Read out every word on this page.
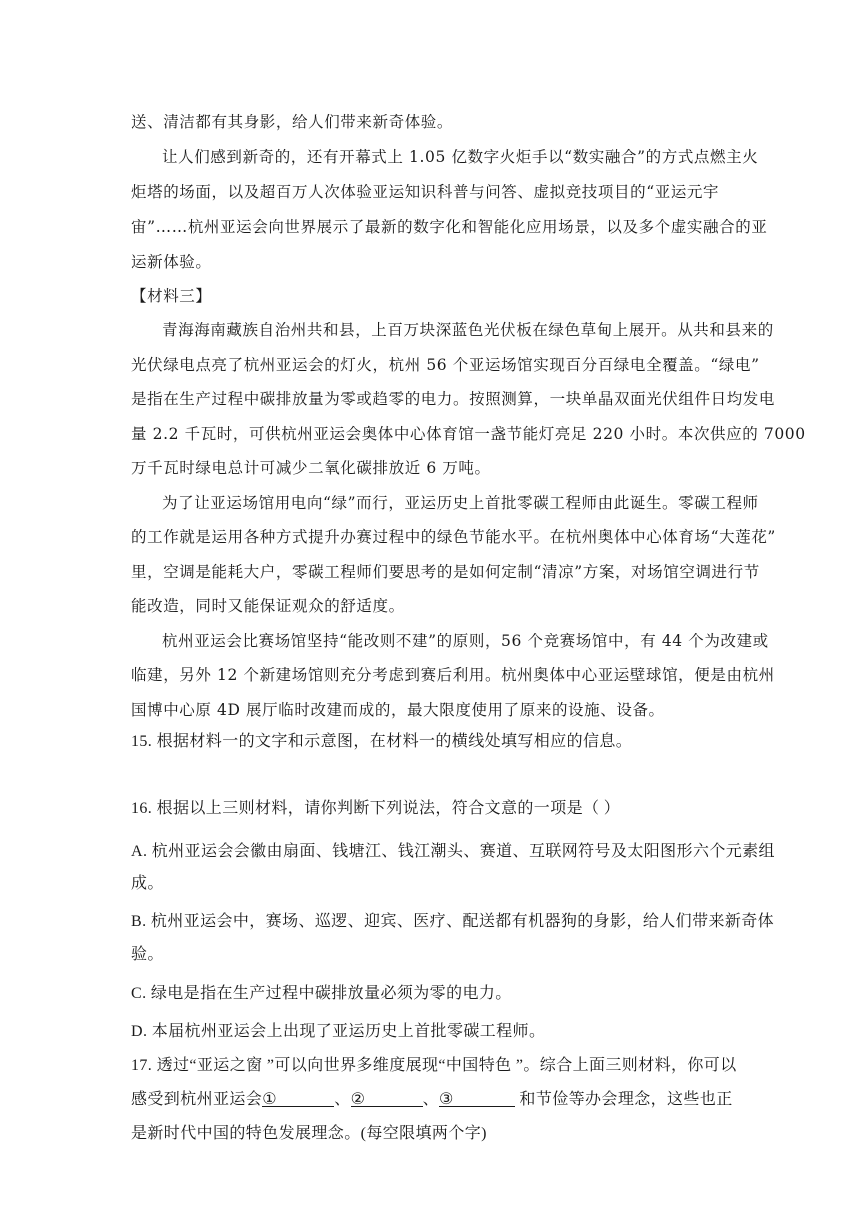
送、清洁都有其身影，给人们带来新奇体验。
让人们感到新奇的，还有开幕式上 1.05 亿数字火炬手以“数实融合”的方式点燃主火
炬塔的场面，以及超百万人次体验亚运知识科普与问答、虚拟竞技项目的“亚运元宇
宙”……杭州亚运会向世界展示了最新的数字化和智能化应用场景，以及多个虚实融合的亚
运新体验。
【材料三】
青海海南藏族自治州共和县，上百万块深蓝色光伏板在绿色草甸上展开。从共和县来的
光伏绿电点亮了杭州亚运会的灯火，杭州 56 个亚运场馆实现百分百绿电全覆盖。“绿电”
是指在生产过程中碳排放量为零或趋零的电力。按照测算，一块单晶双面光伏组件日均发电
量 2.2 千瓦时，可供杭州亚运会奥体中心体育馆一盏节能灯亮足 220 小时。本次供应的 7000
万千瓦时绿电总计可减少二氧化碳排放近 6 万吨。
为了让亚运场馆用电向“绿”而行，亚运历史上首批零碳工程师由此诞生。零碳工程师
的工作就是运用各种方式提升办赛过程中的绿色节能水平。在杭州奥体中心体育场“大莲花”
里，空调是能耗大户，零碳工程师们要思考的是如何定制“清凉”方案，对场馆空调进行节
能改造，同时又能保证观众的舒适度。
杭州亚运会比赛场馆坚持“能改则不建”的原则，56 个竞赛场馆中，有 44 个为改建或
临建，另外 12 个新建场馆则充分考虑到赛后利用。杭州奥体中心亚运壁球馆，便是由杭州
国博中心原 4D 展厅临时改建而成的，最大限度使用了原来的设施、设备。
15. 根据材料一的文字和示意图，在材料一的横线处填写相应的信息。
16. 根据以上三则材料，请你判断下列说法，符合文意的一项是（ ）
A. 杭州亚运会会徽由扇面、钱塘江、钱江潮头、赛道、互联网符号及太阳图形六个元素组
成。
B. 杭州亚运会中，赛场、巡逻、迎宾、医疗、配送都有机器狗的身影，给人们带来新奇体
验。
C. 绿电是指在生产过程中碳排放量必须为零的电力。
D. 本届杭州亚运会上出现了亚运历史上首批零碳工程师。
17. 透过“亚运之窗 ”可以向世界多维度展现“中国特色 ”。综合上面三则材料，你可以
感受到杭州亚运会①	、②	、③	和节俭等办会理念，这些也正
是新时代中国的特色发展理念。(每空限填两个字)
